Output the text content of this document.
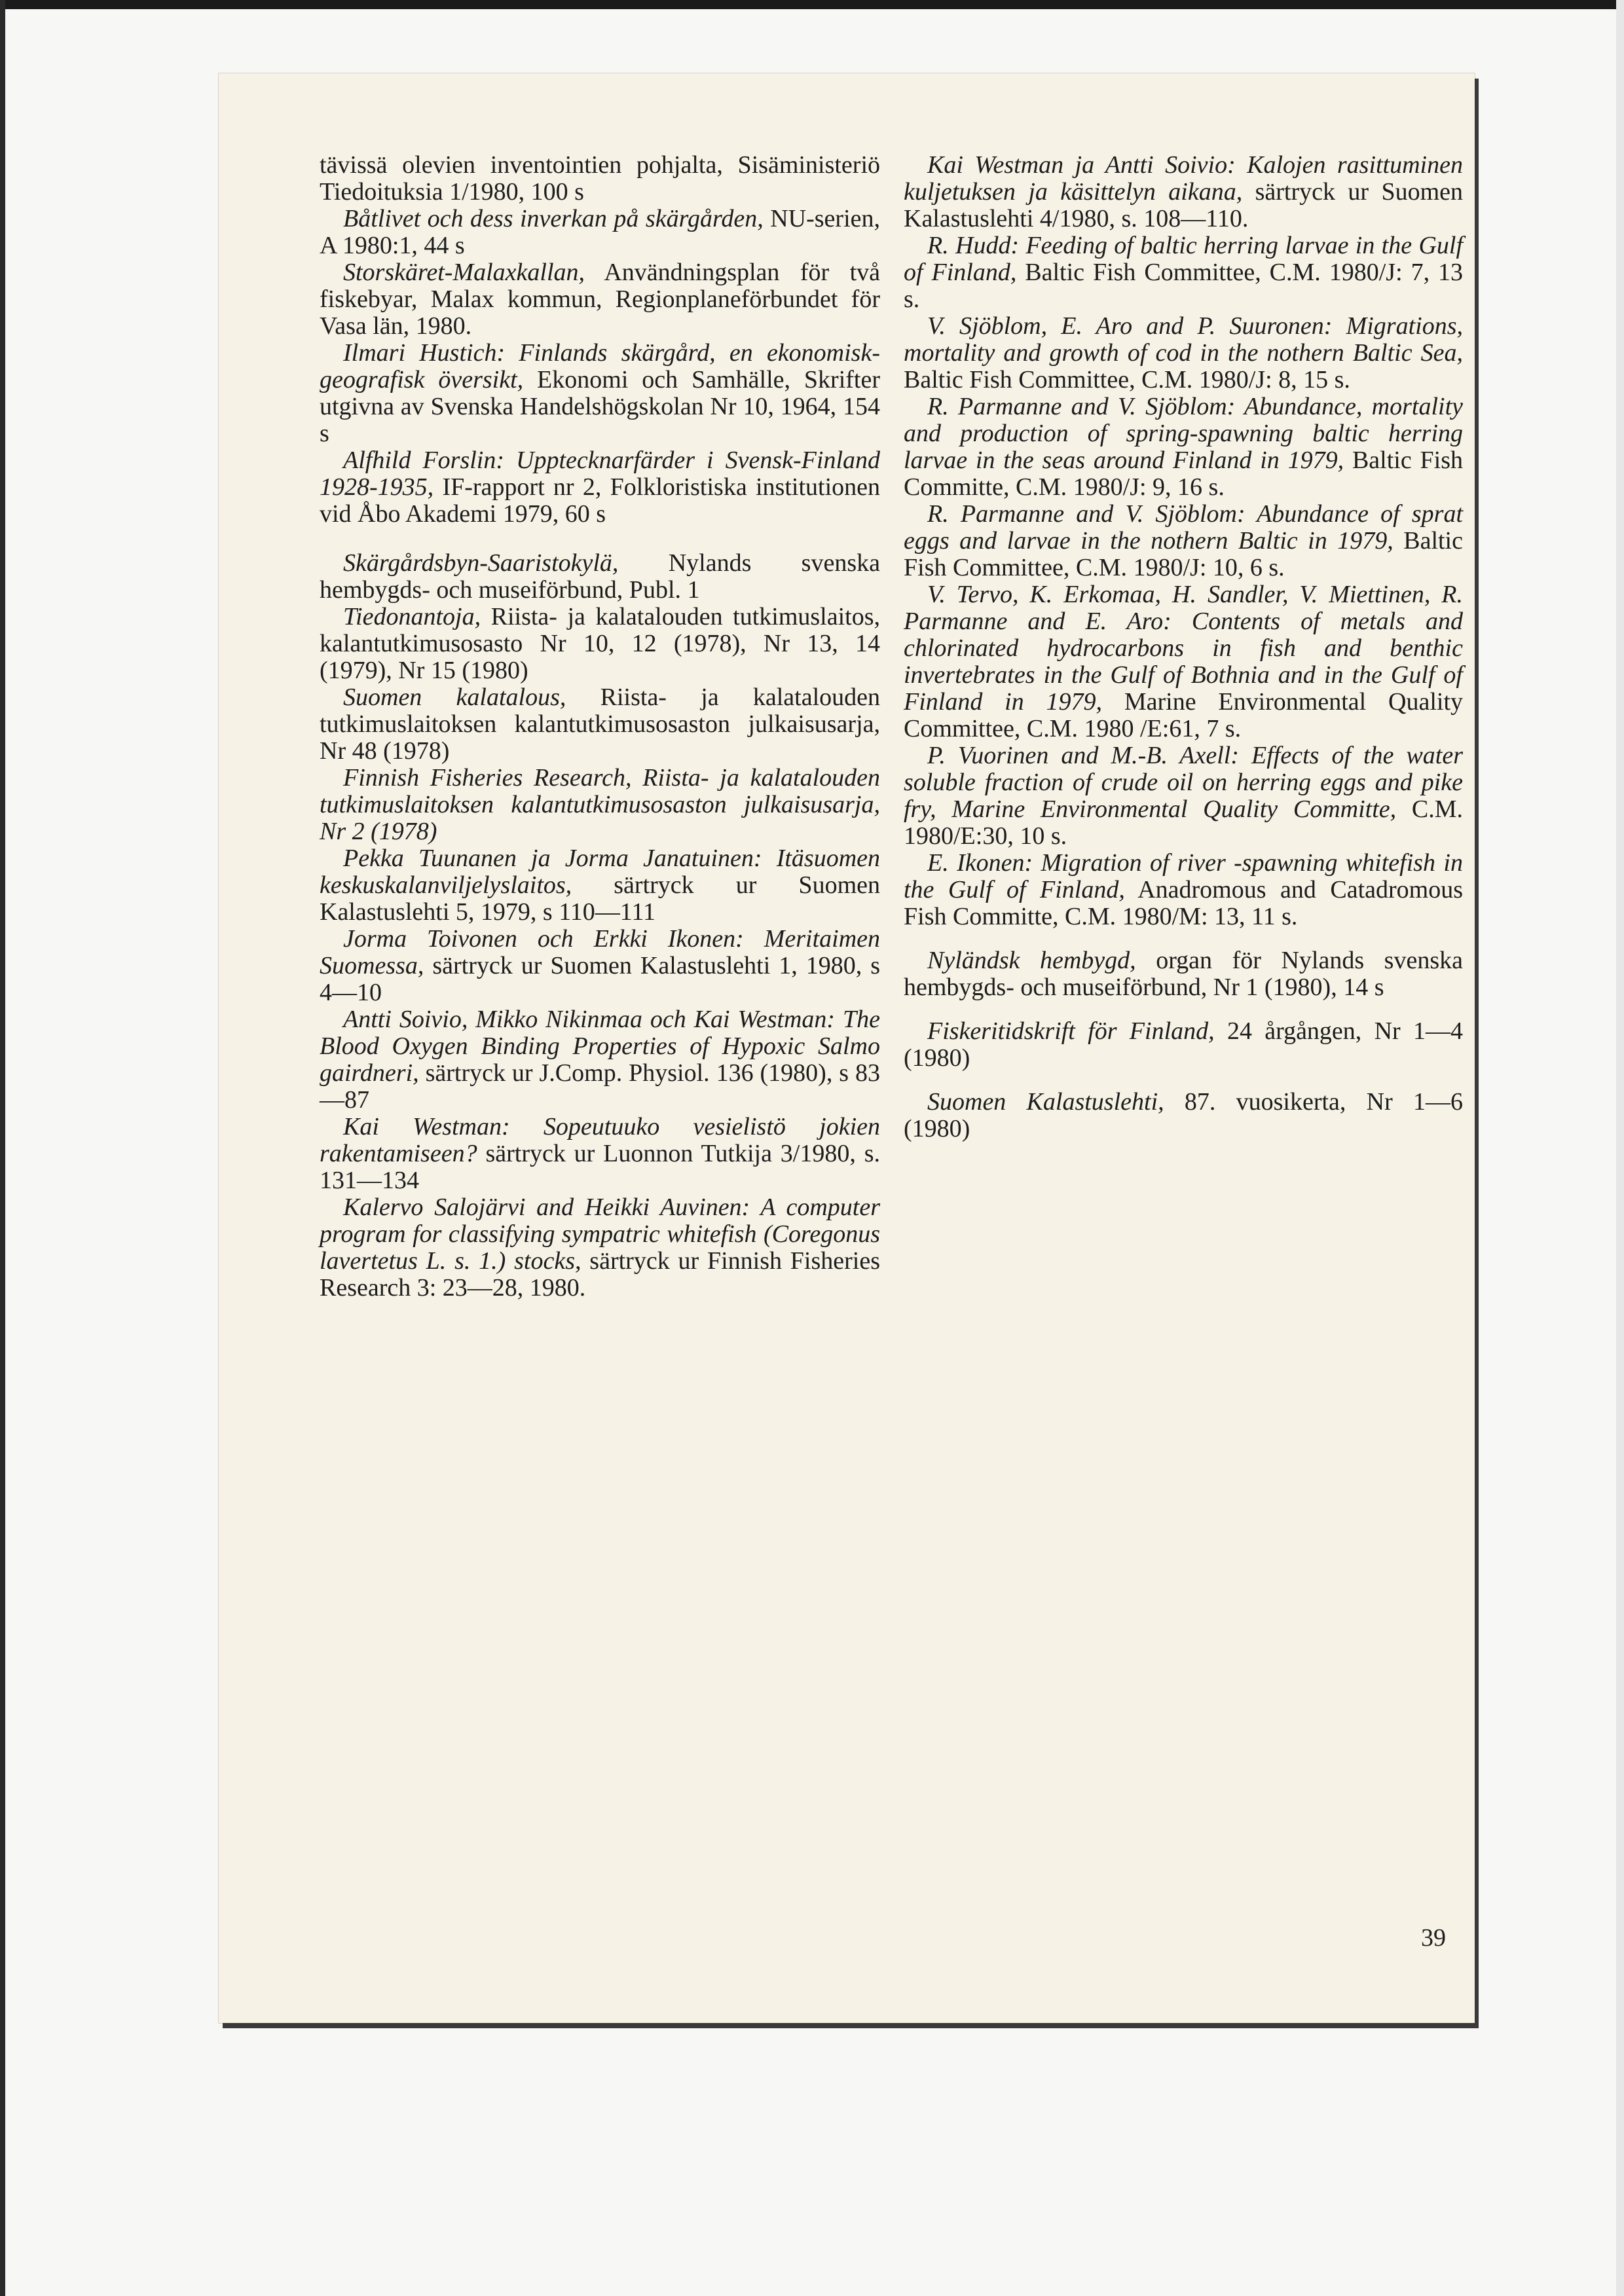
tävissä olevien inventointien pohjalta, Sisäministeriö Tiedoituksia 1/1980, 100 s

Båtlivet och dess inverkan på skärgården, NU-serien, A 1980:1, 44 s

Storskäret-Malaxkallan, Användningsplan för två fiskebyar, Malax kommun, Regionplaneförbundet för Vasa län, 1980.

Ilmari Hustich: Finlands skärgård, en ekonomisk-geografisk översikt, Ekonomi och Samhälle, Skrifter utgivna av Svenska Handelshögskolan Nr 10, 1964, 154 s

Alfhild Forslin: Upptecknarfärder i Svensk-Finland 1928-1935, IF-rapport nr 2, Folkloristiska institutionen vid Åbo Akademi 1979, 60 s

Skärgårdsbyn-Saaristokylä, Nylands svenska hembygds- och museiförbund, Publ. 1

Tiedonantoja, Riista- ja kalatalouden tutkimuslaitos, kalantutkimusosasto Nr 10, 12 (1978), Nr 13, 14 (1979), Nr 15 (1980)

Suomen kalatalous, Riista- ja kalatalouden tutkimuslaitoksen kalantutkimusosaston julkaisusarja, Nr 48 (1978)

Finnish Fisheries Research, Riista- ja kalatalouden tutkimuslaitoksen kalantutkimusosaston julkaisusarja, Nr 2 (1978)

Pekka Tuunanen ja Jorma Janatuinen: Itäsuomen keskuskalanviljelyslaitos, särtryck ur Suomen Kalastuslehti 5, 1979, s 110—111

Jorma Toivonen och Erkki Ikonen: Meritaimen Suomessa, särtryck ur Suomen Kalastuslehti 1, 1980, s 4—10

Antti Soivio, Mikko Nikinmaa och Kai Westman: The Blood Oxygen Binding Properties of Hypoxic Salmo gairdneri, särtryck ur J.Comp. Physiol. 136 (1980), s 83—87

Kai Westman: Sopeutuuko vesielistö jokien rakentamiseen? särtryck ur Luonnon Tutkija 3/1980, s. 131—134

Kalervo Salojärvi and Heikki Auvinen: A computer program for classifying sympatric whitefish (Coregonus lavertetus L. s. 1.) stocks, särtryck ur Finnish Fisheries Research 3: 23—28, 1980.

Kai Westman ja Antti Soivio: Kalojen rasittuminen kuljetuksen ja käsittelyn aikana, särtryck ur Suomen Kalastuslehti 4/1980, s. 108—110.

R. Hudd: Feeding of baltic herring larvae in the Gulf of Finland, Baltic Fish Committee, C.M. 1980/J: 7, 13 s.

V. Sjöblom, E. Aro and P. Suuronen: Migrations, mortality and growth of cod in the nothern Baltic Sea, Baltic Fish Committee, C.M. 1980/J: 8, 15 s.

R. Parmanne and V. Sjöblom: Abundance, mortality and production of spring-spawning baltic herring larvae in the seas around Finland in 1979, Baltic Fish Committe, C.M. 1980/J: 9, 16 s.

R. Parmanne and V. Sjöblom: Abundance of sprat eggs and larvae in the nothern Baltic in 1979, Baltic Fish Committee, C.M. 1980/J: 10, 6 s.

V. Tervo, K. Erkomaa, H. Sandler, V. Miettinen, R. Parmanne and E. Aro: Contents of metals and chlorinated hydrocarbons in fish and benthic invertebrates in the Gulf of Bothnia and in the Gulf of Finland in 1979, Marine Environmental Quality Committee, C.M. 1980 /E:61, 7 s.

P. Vuorinen and M.-B. Axell: Effects of the water soluble fraction of crude oil on herring eggs and pike fry, Marine Environmental Quality Committe, C.M. 1980/E:30, 10 s.

E. Ikonen: Migration of river -spawning whitefish in the Gulf of Finland, Anadromous and Catadromous Fish Committe, C.M. 1980/M: 13, 11 s.

Nyländsk hembygd, organ för Nylands svenska hembygds- och museiförbund, Nr 1 (1980), 14 s

Fiskeritidskrift för Finland, 24 årgången, Nr 1—4 (1980)

Suomen Kalastuslehti, 87. vuosikerta, Nr 1—6 (1980)

39
